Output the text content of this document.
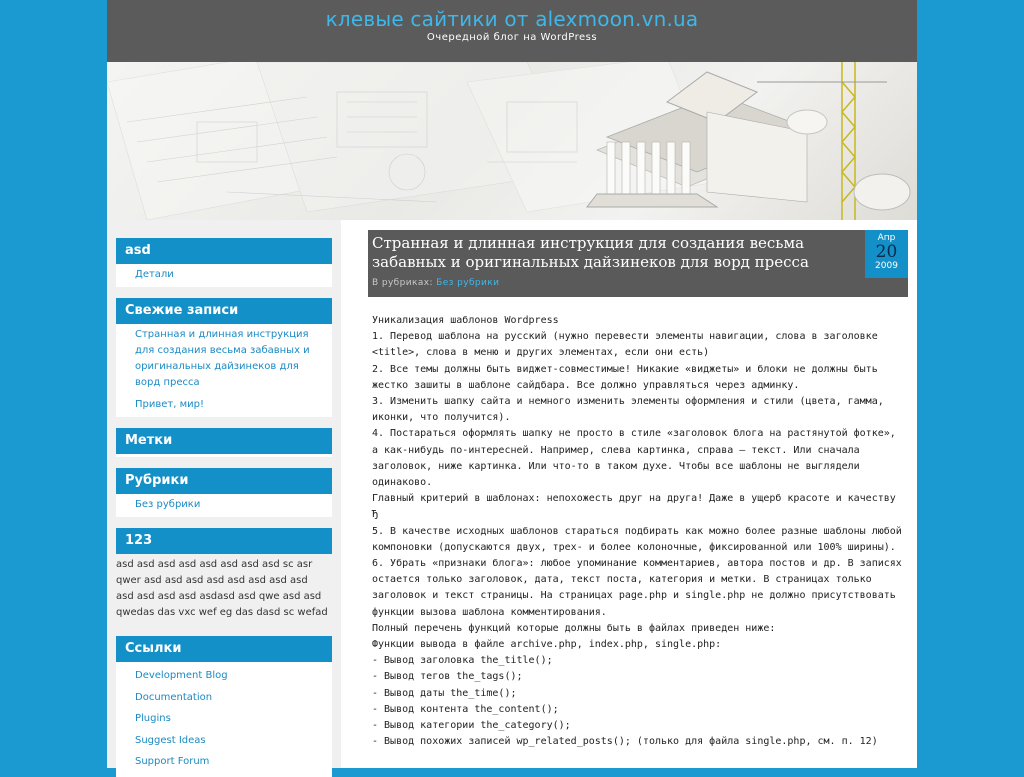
клевые сайтики от alexmoon.vn.ua
Очередной блог на WordPress
asd
Детали
Свежие записи
Странная и длинная инструкция для создания весьма забавных и оригинальных дайзинеков для ворд пресса
Привет, мир!
Метки
Рубрики
Без рубрики
123
asd asd asd asd asd asd asd asd sc asr qwer asd asd asd asd asd asd asd asd asd asd asd asd asdasd asd qwe asd asd qwedas das vxc wef eg das dasd sc wefad
Ссылки
Development Blog
Documentation
Plugins
Suggest Ideas
Support Forum
Странная и длинная инструкция для создания весьма забавных и оригинальных дайзинеков для ворд пресса
В рубриках: Без рубрики
Апр
20
2009

Уникализация шаблонов Wordpress

1. Перевод шаблона на русский (нужно перевести элементы навигации, слова в заголовке <title>, слова в меню и других элементах, если они есть)

2. Все темы должны быть виджет-совместимые! Никакие «виджеты» и блоки не должны быть жестко зашиты в шаблоне сайдбара. Все должно управляться через админку.

3. Изменить шапку сайта и немного изменить элементы оформления и стили (цвета, гамма, иконки, что получится).

4. Постараться оформлять шапку не просто в стиле «заголовок блога на растянутой фотке», а как-нибудь по-интересней. Например, слева картинка, справа – текст. Или сначала заголовок, ниже картинка. Или что-то в таком духе. Чтобы все шаблоны не выглядели одинаково.

Главный критерий в шаблонах: непохожесть друг на друга! Даже в ущерб красоте и качеству Ђ

5. В качестве исходных шаблонов стараться подбирать как можно более разные шаблоны любой компоновки (допускаются двух, трех- и более колоночные, фиксированной или 100% ширины).

6. Убрать «признаки блога»: любое упоминание комментариев, автора постов и др. В записях остается только заголовок, дата, текст поста, категория и метки. В страницах только заголовок и текст страницы. На страницах page.php и single.php не должно присутствовать функции вызова шаблона комментирования.

Полный перечень функций которые должны быть в файлах приведен ниже:

Функции вывода в файле archive.php, index.php, single.php:

- Вывод заголовка the_title();

- Вывод тегов the_tags();

- Вывод даты the_time();

- Вывод контента the_content();

- Вывод категории the_category();

- Вывод похожих записей wp_related_posts(); (только для файла single.php, см. п. 12)
